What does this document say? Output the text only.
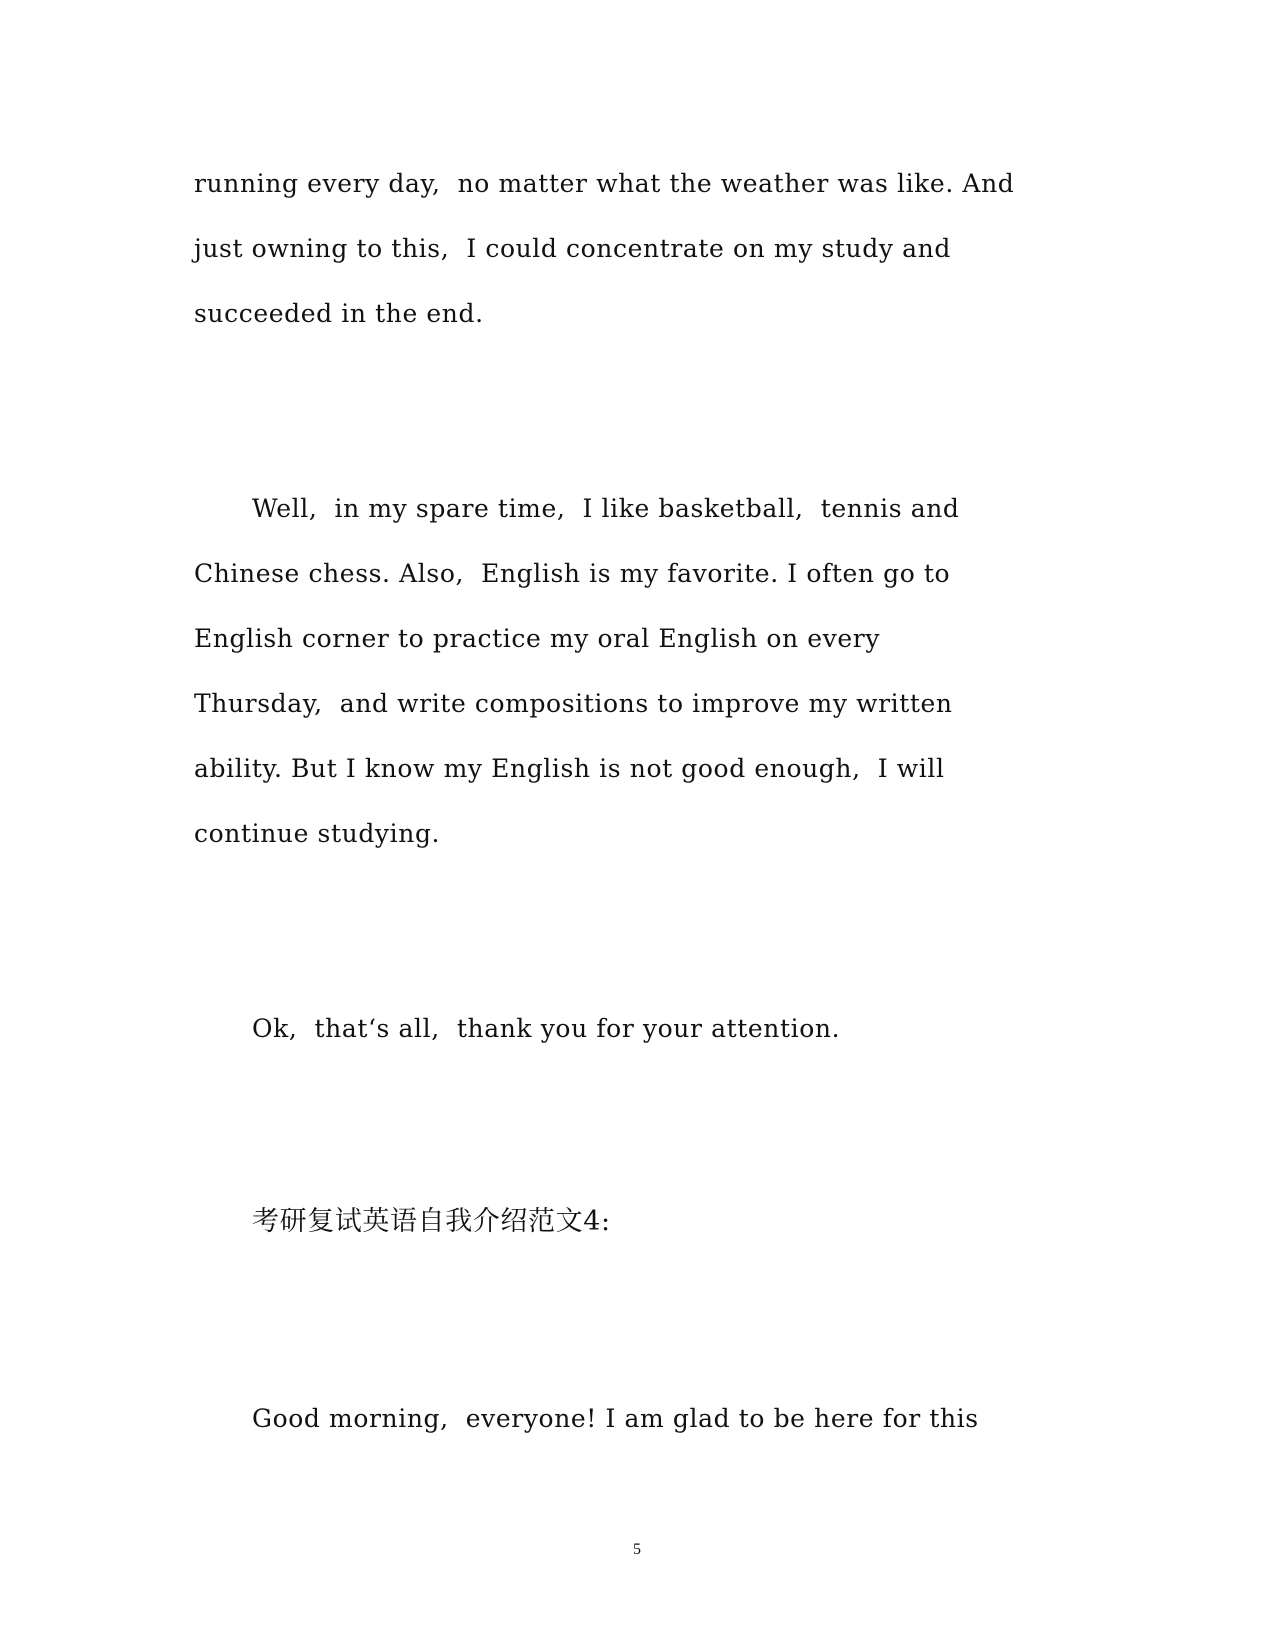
running every day,  no matter what the weather was like. And

just owning to this,  I could concentrate on my study and

succeeded in the end.

Well,  in my spare time,  I like basketball,  tennis and

Chinese chess. Also,  English is my favorite. I often go to

English corner to practice my oral English on every

Thursday,  and write compositions to improve my written

ability. But I know my English is not good enough,  I will

continue studying.

Ok,  that‘s all,  thank you for your attention.

考研复试英语自我介绍范文4:

Good morning,  everyone! I am glad to be here for this

5
